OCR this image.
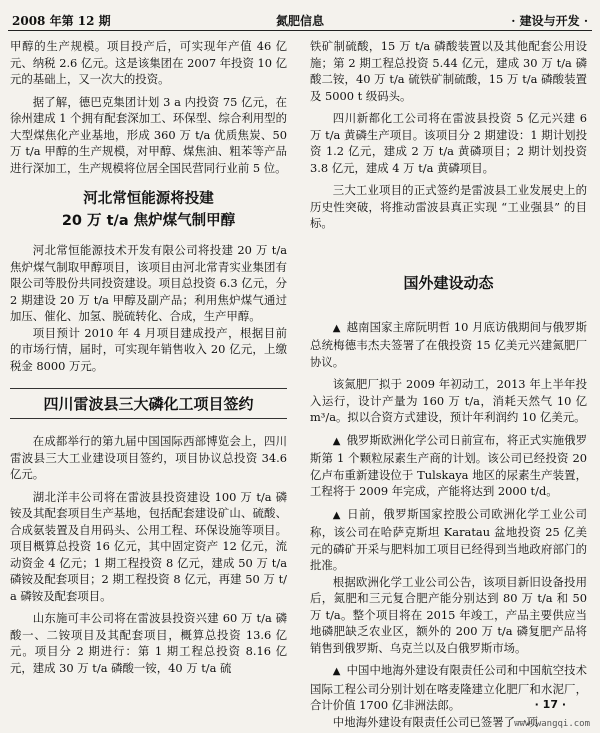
2008 年第 12 期	氮肥信息	· 建设与开发 ·

甲醇的生产规模。项目投产后，可实现年产值 46 亿元、纳税 2.6 亿元。这是该集团在 2007 年投资 10 亿元的基础上，又一次大的投资。

据了解，德巴克集团计划 3 a 内投资 75 亿元，在徐州建成 1 个拥有配套深加工、环保型、综合利用型的大型煤焦化产业基地，形成 360 万 t/a 优质焦炭、50 万 t/a 甲醇的生产规模，对甲醇、煤焦油、粗苯等产品进行深加工，生产规模将位居全国民营同行业前 5 位。

河北常恒能源将投建
20 万 t/a 焦炉煤气制甲醇

河北常恒能源技术开发有限公司将投建 20 万 t/a 焦炉煤气制取甲醇项目，该项目由河北常青实业集团有限公司等股份共同投资建设。项目总投资 6.3 亿元，分 2 期建设 20 万 t/a 甲醇及副产品；利用焦炉煤气通过加压、催化、加氢、脱硫转化、合成，生产甲醇。

项目预计 2010 年 4 月项目建成投产，根据目前的市场行情，届时，可实现年销售收入 20 亿元，上缴税金 8000 万元。

四川雷波县三大磷化工项目签约

在成都举行的第九届中国国际西部博览会上，四川雷波县三大工业建设项目签约，项目协议总投资 34.6 亿元。

湖北洋丰公司将在雷波县投资建设 100 万 t/a 磷铵及其配套项目生产基地，包括配套建设矿山、硫酸、合成氨装置及自用码头、公用工程、环保设施等项目。项目概算总投资 16 亿元，其中固定资产 12 亿元，流动资金 4 亿元；1 期工程投资 8 亿元，建成 50 万 t/a 磷铵及配套项目；2 期工程投资 8 亿元，再建 50 万 t/a 磷铵及配套项目。

山东施可丰公司将在雷波县投资兴建 60 万 t/a 磷酸一、二铵项目及其配套项目，概算总投资 13.6 亿元。项目分 2 期进行：第 1 期工程总投资 8.16 亿元，建成 30 万 t/a 磷酸一铵，40 万 t/a 硫

铁矿制硫酸，15 万 t/a 磷酸装置以及其他配套公用设施；第 2 期工程总投资 5.44 亿元，建成 30 万 t/a 磷酸二铵，40 万 t/a 硫铁矿制硫酸，15 万 t/a 磷酸装置及 5000 t 级码头。

四川新都化工公司将在雷波县投资 5 亿元兴建 6 万 t/a 黄磷生产项目。该项目分 2 期建设：1 期计划投资 1.2 亿元，建成 2 万 t/a 黄磷项目；2 期计划投资 3.8 亿元，建成 4 万 t/a 黄磷项目。

三大工业项目的正式签约是雷波县工业发展史上的历史性突破，将推动雷波县真正实现 “工业强县” 的目标。

国外建设动态

▲ 越南国家主席阮明哲 10 月底访俄期间与俄罗斯总统梅德韦杰夫签署了在俄投资 15 亿美元兴建氮肥厂协议。

该氮肥厂拟于 2009 年初动工，2013 年上半年投入运行，设计产量为 160 万 t/a，消耗天然气 10 亿 m³/a。拟以合资方式建设，预计年利润约 10 亿美元。

▲ 俄罗斯欧洲化学公司日前宣布，将正式实施俄罗斯第 1 个颗粒尿素生产商的计划。该公司已经投资 20 亿卢布重新建设位于 Tulskaya 地区的尿素生产装置，工程将于 2009 年完成，产能将达到 2000 t/d。

▲ 日前，俄罗斯国家控股公司欧洲化学工业公司称，该公司在哈萨克斯坦 Karatau 盆地投资 25 亿美元的磷矿开采与肥料加工项目已经得到当地政府部门的批准。

根据欧洲化学工业公司公告，该项目新旧设备投用后，氮肥和三元复合肥产能分别达到 80 万 t/a 和 50 万 t/a。整个项目将在 2015 年竣工，产品主要供应当地磷肥缺乏农业区，额外的 200 万 t/a 磷复肥产品将销售到俄罗斯、乌克兰以及白俄罗斯市场。

▲ 中国中地海外建设有限责任公司和中国航空技术国际工程公司分别计划在喀麦隆建立化肥厂和水泥厂，合计价值 1700 亿非洲法郎。

中地海外建设有限责任公司已签署了一项

· 17 ·
www.wangqi.com
